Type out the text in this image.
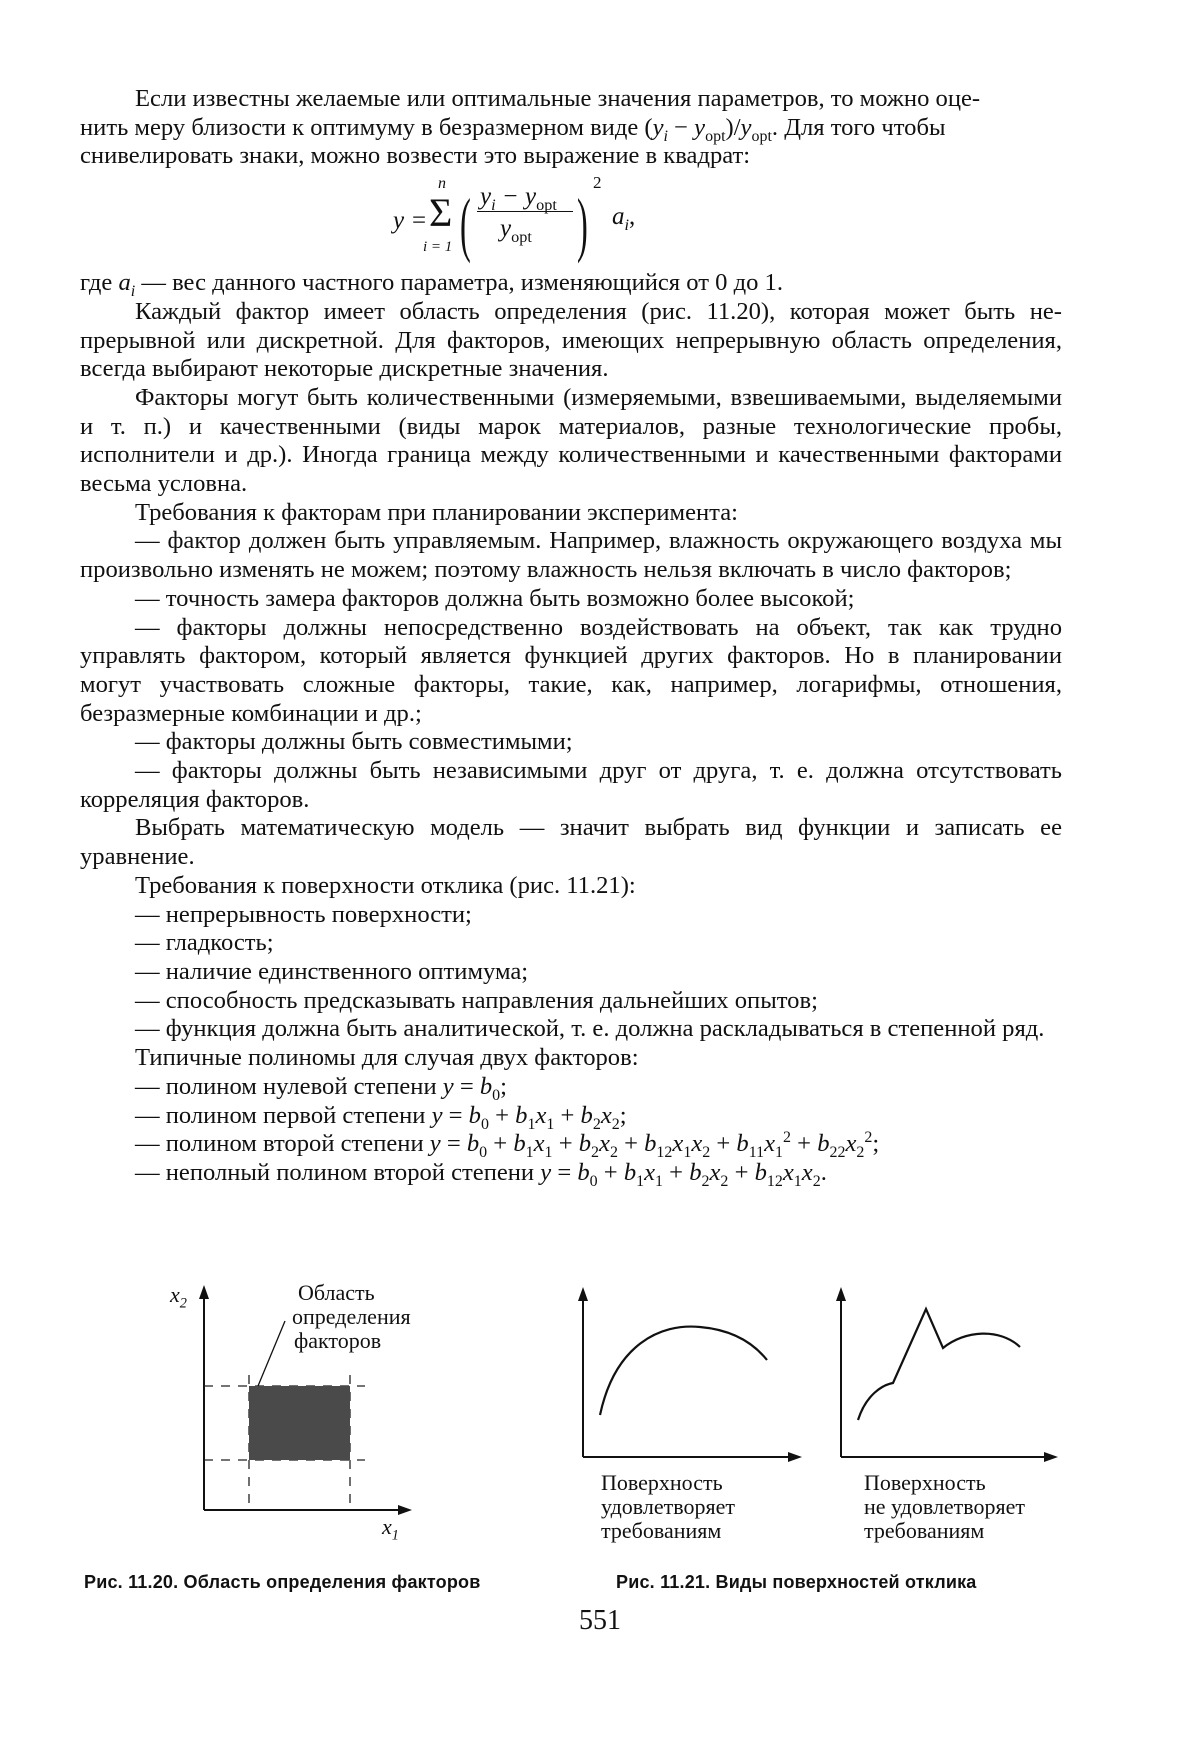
Если известны желаемые или оптимальные значения параметров, то можно оце-

нить меру близости к оптимуму в безразмерном виде $(y_i - y_{opt})/y_{opt}$. Для того чтобы

снивелировать знаки, можно возвести это выражение в квадрат:

y =
n
Σ
i = 1 ( $y_i - y_{opt}$
$y_{opt}$ )
2
$a_i$,

где $a_i$ — вес данного частного параметра, изменяющийся от 0 до 1.

Каждый фактор имеет область определения (рис. 11.20), которая может быть непрерывной или дискретной. Для факторов, имеющих непрерывную область определения, всегда выбирают некоторые дискретные значения.

Факторы могут быть количественными (измеряемыми, взвешиваемыми, выделяемыми и т. п.) и качественными (виды марок материалов, разные технологические пробы, исполнители и др.). Иногда граница между количественными и качественными факторами весьма условна.

Требования к факторам при планировании эксперимента:

— фактор должен быть управляемым. Например, влажность окружающего воздуха мы произвольно изменять не можем; поэтому влажность нельзя включать в число факторов;

— точность замера факторов должна быть возможно более высокой;

— факторы должны непосредственно воздействовать на объект, так как трудно управлять фактором, который является функцией других факторов. Но в планировании могут участвовать сложные факторы, такие, как, например, логарифмы, отношения, безразмерные комбинации и др.;

— факторы должны быть совместимыми;

— факторы должны быть независимыми друг от друга, т. е. должна отсутствовать корреляция факторов.

Выбрать математическую модель — значит выбрать вид функции и записать ее уравнение.

Требования к поверхности отклика (рис. 11.21):

— непрерывность поверхности;

— гладкость;

— наличие единственного оптимума;

— способность предсказывать направления дальнейших опытов;

— функция должна быть аналитической, т. е. должна раскладываться в степенной ряд.

Типичные полиномы для случая двух факторов:

— полином нулевой степени $y = b_0$;

— полином первой степени $y = b_0 + b_1x_1 + b_2x_2$;

— полином второй степени $y = b_0 + b_1x_1 + b_2x_2 + b_{12}x_1x_2 + b_{11}x_1^2 + b_{22}x_2^2$;

— неполный полином второй степени $y = b_0 + b_1x_1 + b_2x_2 + b_{12}x_1x_2$.

$x_2$
$x_1$
Область
определения
факторов
Поверхность
удовлетворяет
требованиям
Поверхность
не удовлетворяет
требованиям
Рис. 11.20. Область определения факторов	Рис. 11.21. Виды поверхностей отклика
551
